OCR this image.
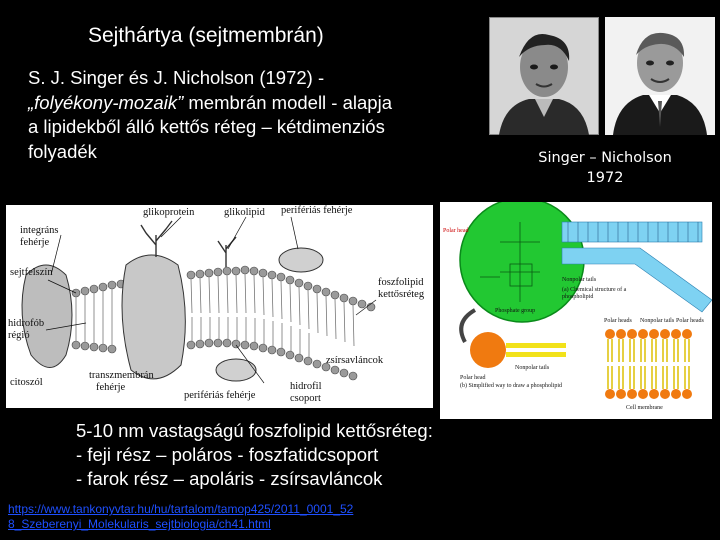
Sejthártya (sejtmembrán)
S. J. Singer és J. Nicholson (1972) -
„folyékony-mozaik” membrán modell - alapja
a lipidekből álló kettős réteg – kétdimenziós
folyadék	Singer – Nicholson
1972
glikoprotein	glikolipid perifériás fehérje
integráns
fehérje
sejtfelszín
foszfolipid
kettősréteg
hidrofób
régió
zsírsavláncok
citoszól
transzmembrán
fehérje
perifériás fehérje
hidrofil
csoport
Polar head
Nonpolar tails
(a) Chemical structure of a phospholipid
Phosphate group
Polar head
Nonpolar tails
(b) Simplified way to draw a phospholipid
Polar heads Nonpolar tails Polar heads
Cell membrane
5-10 nm vastagságú foszfolipid kettősréteg:
- feji rész – poláros - foszfatidcsoport
- farok rész – apoláris - zsírsavláncok
https://www.tankonyvtar.hu/hu/tartalom/tamop425/2011_0001_52
8_Szeberenyi_Molekularis_sejtbiologia/ch41.html
